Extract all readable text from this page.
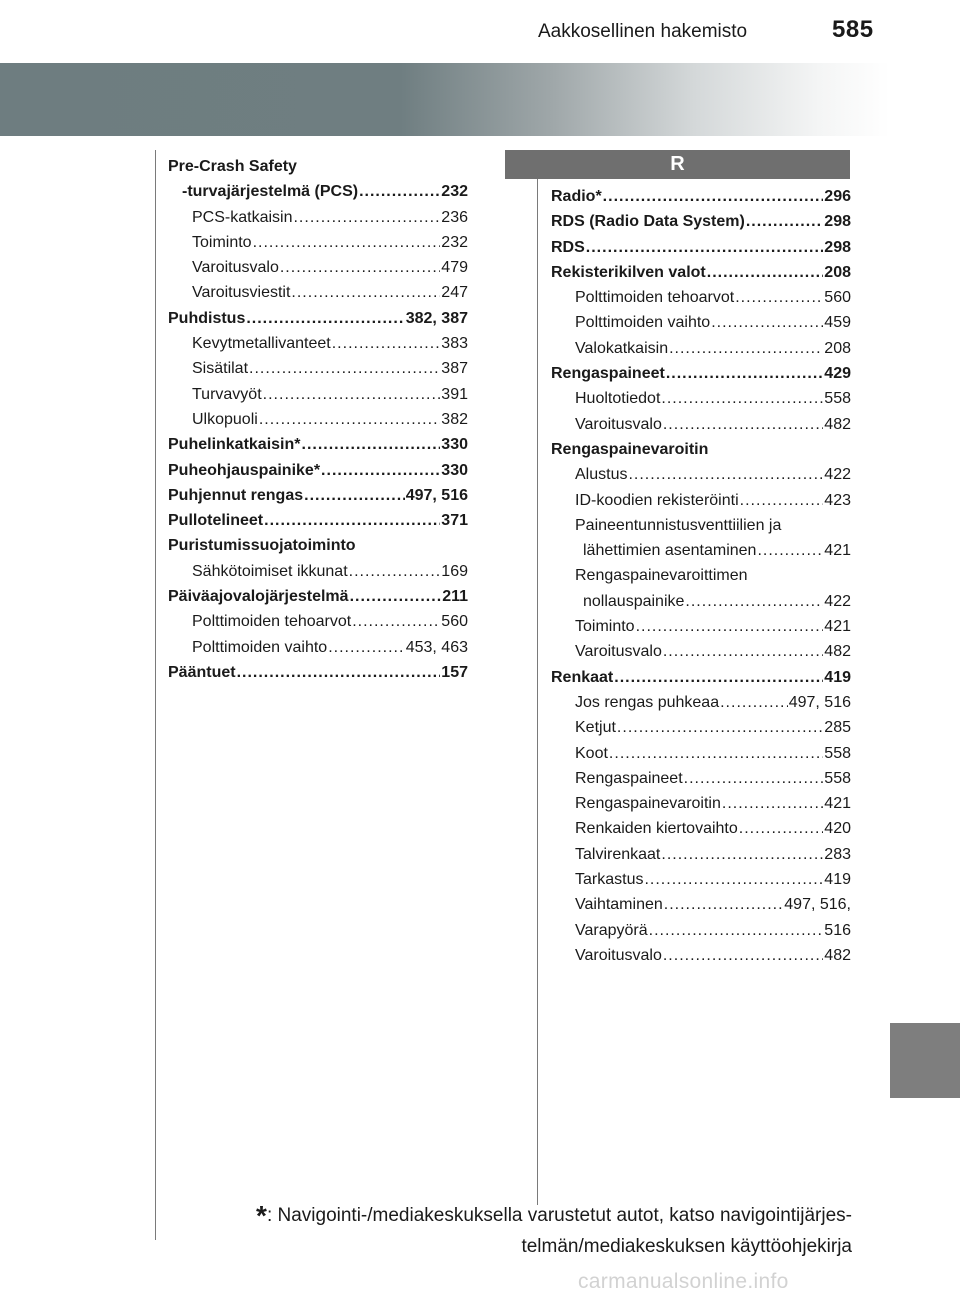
Aakkosellinen hakemisto	585
R
Pre-Crash Safety
-turvajärjestelmä (PCS) .....	232
PCS-katkaisin .....	236
Toiminto .....	232
Varoitusvalo .....	479
Varoitusviestit .....	247
Puhdistus .....	382, 387
Kevytmetallivanteet .....	383
Sisätilat .....	387
Turvavyöt .....	391
Ulkopuoli .....	382
Puhelinkatkaisin* .....	330
Puheohjauspainike* .....	330
Puhjennut rengas .....	497, 516
Pullotelineet .....	371
Puristumissuojatoiminto
Sähkötoimiset ikkunat .....	169
Päiväajovalojärjestelmä .....	211
Polttimoiden tehoarvot .....	560
Polttimoiden vaihto .....	453, 463
Pääntuet .....	157
Radio* .....	296
RDS (Radio Data System) .....	298
RDS .....	298
Rekisterikilven valot .....	208
Polttimoiden tehoarvot .....	560
Polttimoiden vaihto .....	459
Valokatkaisin .....	208
Rengaspaineet .....	429
Huoltotiedot .....	558
Varoitusvalo .....	482
Rengaspainevaroitin
Alustus .....	422
ID-koodien rekisteröinti .....	423
Paineentunnistusventtiilien ja
lähettimien asentaminen .....	421
Rengaspainevaroittimen
nollauspainike .....	422
Toiminto .....	421
Varoitusvalo .....	482
Renkaat .....	419
Jos rengas puhkeaa .....	497, 516
Ketjut .....	285
Koot .....	558
Rengaspaineet .....	558
Rengaspainevaroitin .....	421
Renkaiden kiertovaihto .....	420
Talvirenkaat .....	283
Tarkastus .....	419
Vaihtaminen .....	497, 516,
Varapyörä .....	516
Varoitusvalo .....	482
*: Navigointi-/mediakeskuksella varustetut autot, katso navigointijärjes-
telmän/mediakeskuksen käyttöohjekirja
carmanualsonline.info
